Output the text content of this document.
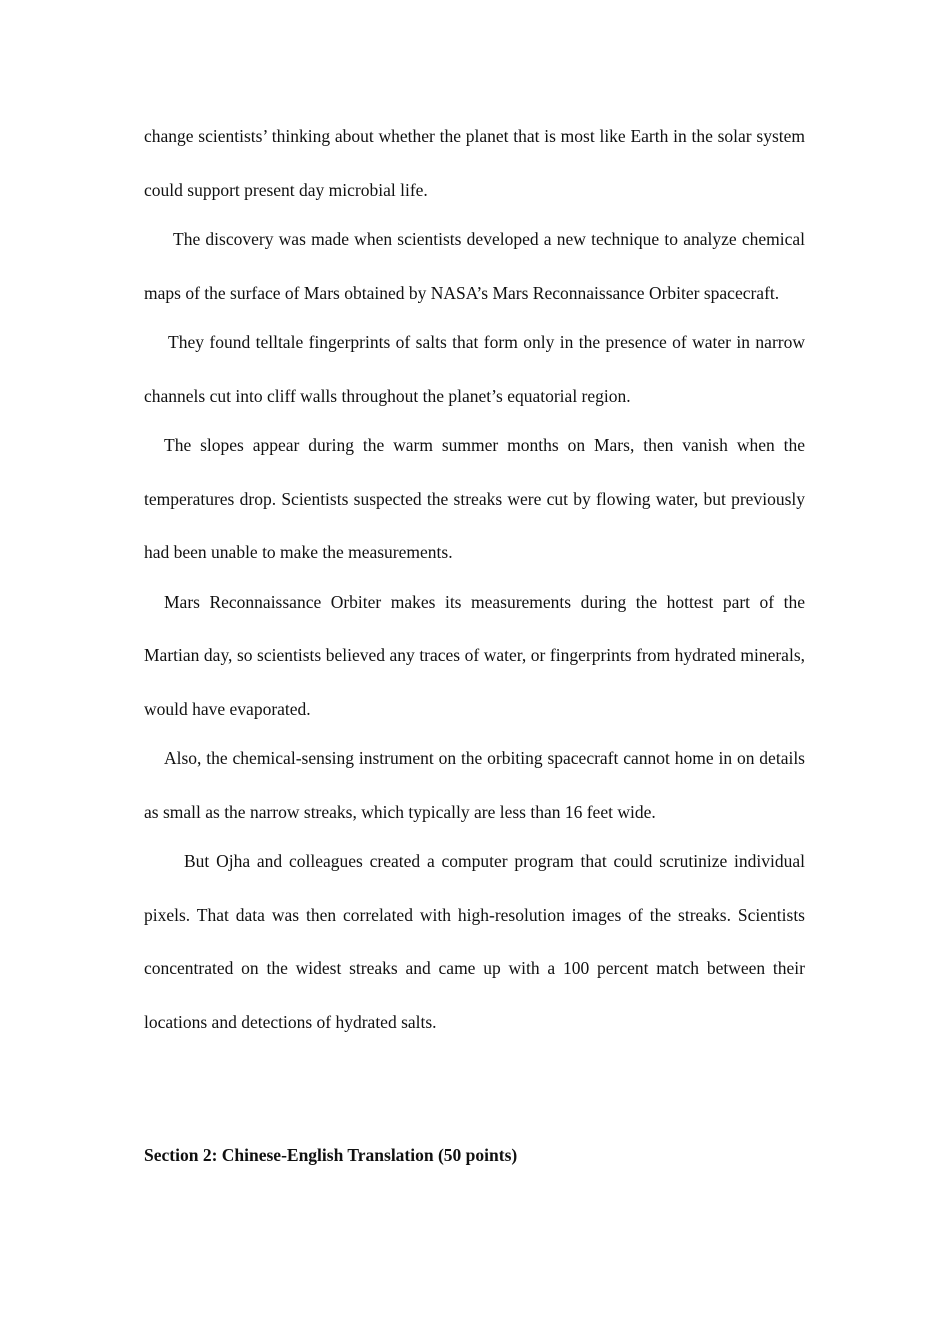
change scientists’ thinking about whether the planet that is most like Earth in the solar system could support present day microbial life.

The discovery was made when scientists developed a new technique to analyze chemical maps of the surface of Mars obtained by NASA’s Mars Reconnaissance Orbiter spacecraft.

They found telltale fingerprints of salts that form only in the presence of water in narrow channels cut into cliff walls throughout the planet’s equatorial region.

The slopes appear during the warm summer months on Mars, then vanish when the temperatures drop. Scientists suspected the streaks were cut by flowing water, but previously had been unable to make the measurements.

Mars Reconnaissance Orbiter makes its measurements during the hottest part of the Martian day, so scientists believed any traces of water, or fingerprints from hydrated minerals, would have evaporated.

Also, the chemical-sensing instrument on the orbiting spacecraft cannot home in on details as small as the narrow streaks, which typically are less than 16 feet wide.

But Ojha and colleagues created a computer program that could scrutinize individual pixels. That data was then correlated with high-resolution images of the streaks. Scientists concentrated on the widest streaks and came up with a 100 percent match between their locations and detections of hydrated salts.

Section 2: Chinese-English Translation (50 points)
